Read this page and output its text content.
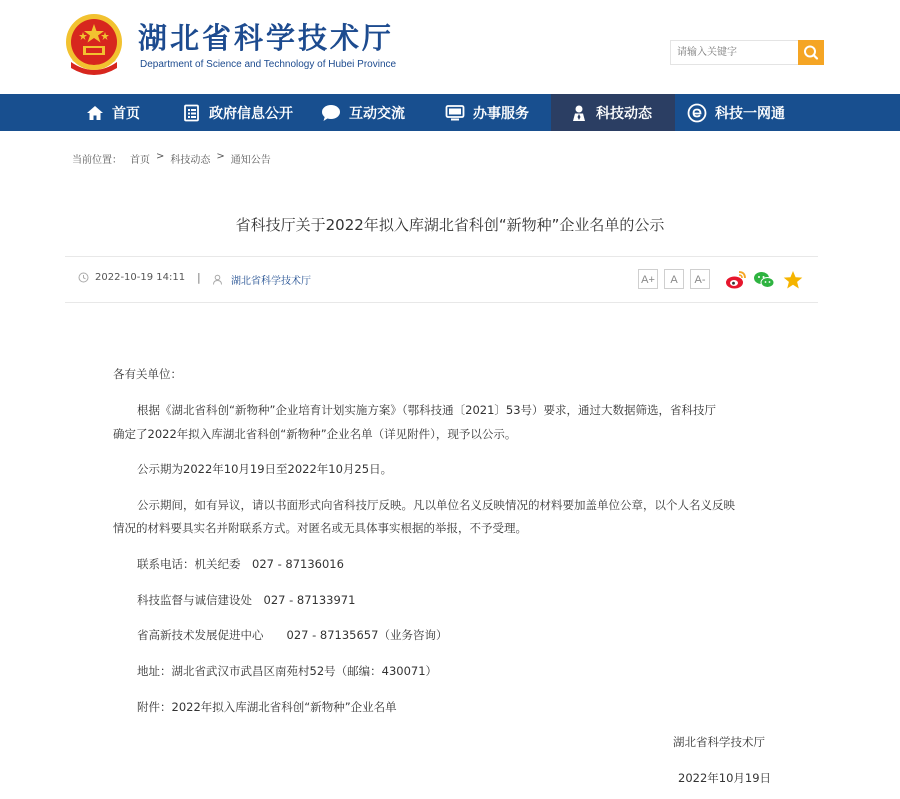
湖北省科学技术厅
Department of Science and Technology of Hubei Province
请输入关键字
首页	政府信息公开	互动交流	办事服务	科技动态	科技一网通
当前位置： 首页 > 科技动态 > 通知公告
省科技厅关于2022年拟入库湖北省科创“新物种”企业名单的公示
2022-10-19 14:11 |	湖北省科学技术厅	A+	A	A-
各有关单位：
根据《湖北省科创“新物种”企业培育计划实施方案》（鄂科技通〔2021〕53号）要求，通过大数据筛选，省科技厅
确定了2022年拟入库湖北省科创“新物种”企业名单（详见附件），现予以公示。
公示期为2022年10月19日至2022年10月25日。
公示期间，如有异议，请以书面形式向省科技厅反映。凡以单位名义反映情况的材料要加盖单位公章，以个人名义反映
情况的材料要具实名并附联系方式。对匿名或无具体事实根据的举报，不予受理。
联系电话：机关纪委　027 - 87136016
科技监督与诚信建设处　027 - 87133971
省高新技术发展促进中心　　027 - 87135657（业务咨询）
地址：湖北省武汉市武昌区南苑村52号（邮编：430071）
附件：2022年拟入库湖北省科创“新物种”企业名单
湖北省科学技术厅
2022年10月19日
